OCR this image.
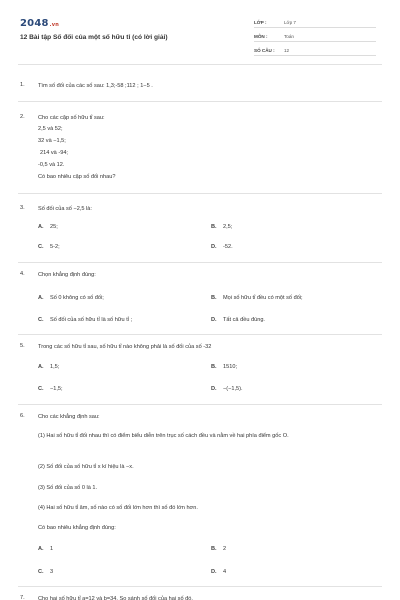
2048.vn
12 Bài tập Số đối của một số hữu tỉ (có lời giải)
LỚP :	Lớp 7
MÔN :	Toán
SỐ CÂU :	12
1. Tìm số đối của các số sau: 1,3;-58 ;112 ; 1−5 .
2. Cho các cặp số hữu tỉ sau:
2,5 và 52;
32 và −1,5;
214 và -94;
-0,5 và 12.
Có bao nhiêu cặp số đối nhau?
3. Số đối của số −2,5 là:
A. 25;	B. 2,5;
C. 5-2;	D. -52.
4. Chọn khẳng định đúng:
A. Số 0 không có số đối;	B. Mọi số hữu tỉ đều có một số đối;
C. Số đối của số hữu tỉ là số hữu tỉ ;	D. Tất cả đều đúng.
5. Trong các số hữu tỉ sau, số hữu tỉ nào không phải là số đối của số -32
A. 1,5;	B. 1510;
C. −1,5;	D. −(−1,5).
6. Cho các khẳng định sau:
(1) Hai số hữu tỉ đối nhau thì có điểm biểu diễn trên trục số cách đều và nằm về hai phía điểm gốc O.
(2) Số đối của số hữu tỉ x kí hiệu là −x.
(3) Số đối của số 0 là 1.
(4) Hai số hữu tỉ âm, số nào có số đối lớn hơn thì số đó lớn hơn.
Có bao nhiêu khẳng định đúng:
A. 1	B. 2
C. 3	D. 4
7. Cho hai số hữu tỉ a=12 và b=34. So sánh số đối của hai số đó.
